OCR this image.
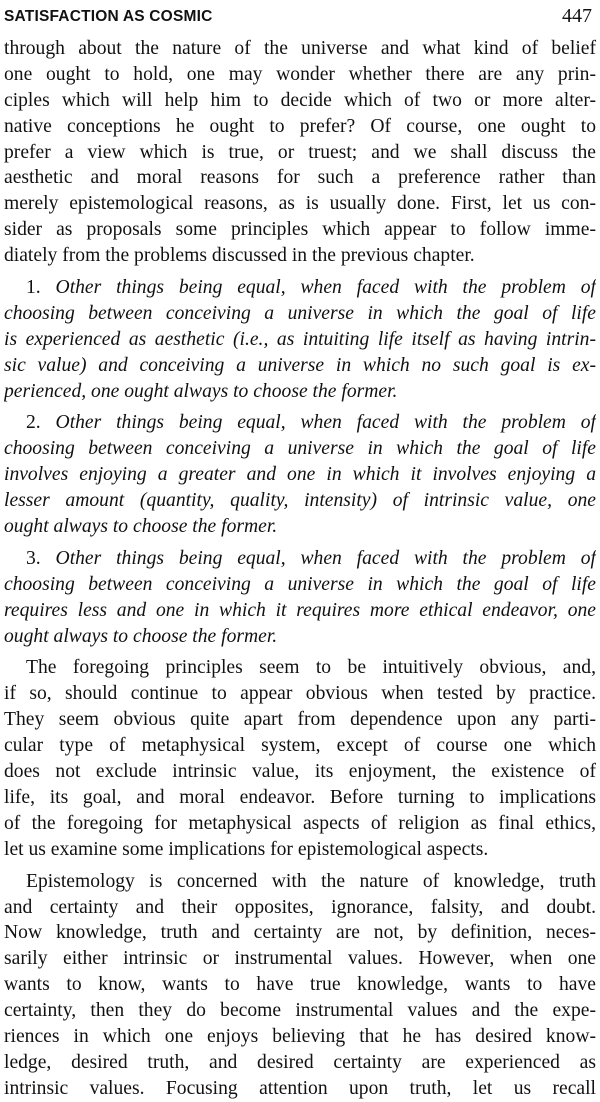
SATISFACTION AS COSMIC	447
through about the nature of the universe and what kind of belief
one ought to hold, one may wonder whether there are any prin-
ciples which will help him to decide which of two or more alter-
native conceptions he ought to prefer? Of course, one ought to
prefer a view which is true, or truest; and we shall discuss the
aesthetic and moral reasons for such a preference rather than
merely epistemological reasons, as is usually done. First, let us con-
sider as proposals some principles which appear to follow imme-
diately from the problems discussed in the previous chapter.
1. Other things being equal, when faced with the problem of
choosing between conceiving a universe in which the goal of life
is experienced as aesthetic (i.e., as intuiting life itself as having intrin-
sic value) and conceiving a universe in which no such goal is ex-
perienced, one ought always to choose the former.
2. Other things being equal, when faced with the problem of
choosing between conceiving a universe in which the goal of life
involves enjoying a greater and one in which it involves enjoying a
lesser amount (quantity, quality, intensity) of intrinsic value, one
ought always to choose the former.
3. Other things being equal, when faced with the problem of
choosing between conceiving a universe in which the goal of life
requires less and one in which it requires more ethical endeavor, one
ought always to choose the former.
The foregoing principles seem to be intuitively obvious, and,
if so, should continue to appear obvious when tested by practice.
They seem obvious quite apart from dependence upon any parti-
cular type of metaphysical system, except of course one which
does not exclude intrinsic value, its enjoyment, the existence of
life, its goal, and moral endeavor. Before turning to implications
of the foregoing for metaphysical aspects of religion as final ethics,
let us examine some implications for epistemological aspects.
Epistemology is concerned with the nature of knowledge, truth
and certainty and their opposites, ignorance, falsity, and doubt.
Now knowledge, truth and certainty are not, by definition, neces-
sarily either intrinsic or instrumental values. However, when one
wants to know, wants to have true knowledge, wants to have
certainty, then they do become instrumental values and the expe-
riences in which one enjoys believing that he has desired know-
ledge, desired truth, and desired certainty are experienced as
intrinsic values. Focusing attention upon truth, let us recall
